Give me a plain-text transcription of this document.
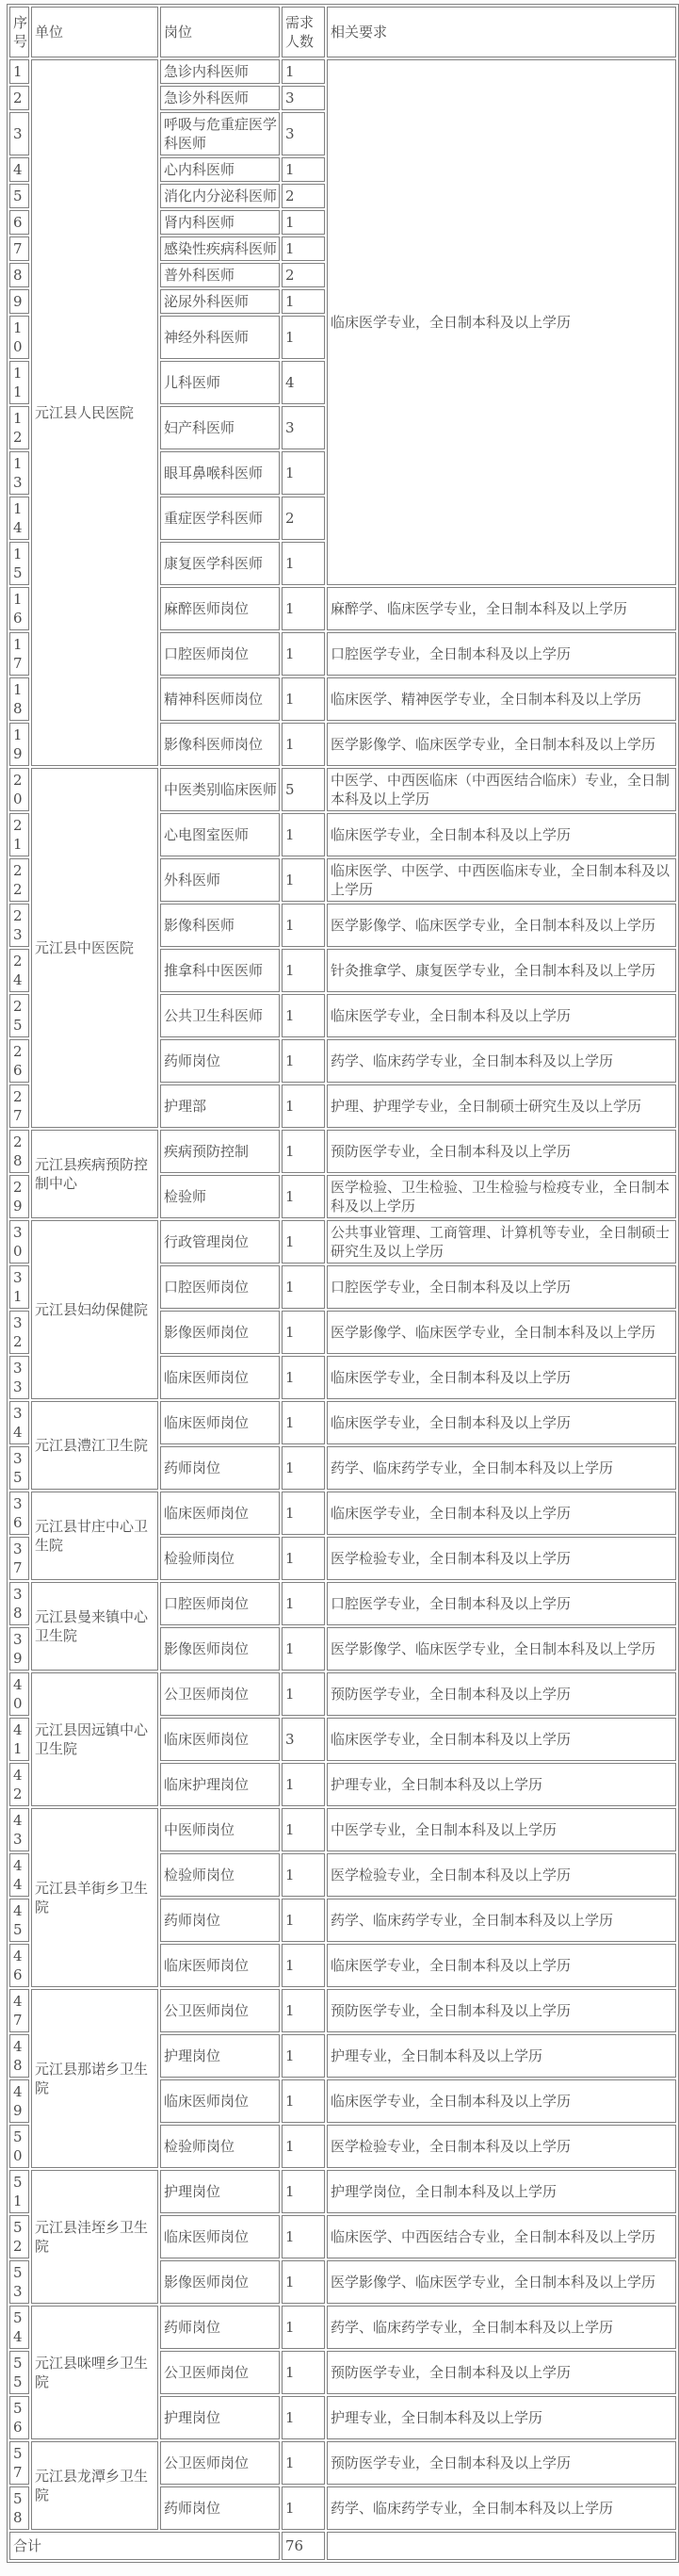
序号	单位	岗位	需求人数	相关要求
1	元江县人民医院	急诊内科医师	1	临床医学专业，全日制本科及以上学历
2		急诊外科医师	3	
3		呼吸与危重症医学科医师	3	
4		心内科医师	1	
5		消化内分泌科医师	2	
6		肾内科医师	1	
7		感染性疾病科医师	1	
8		普外科医师	2	
9		泌尿外科医师	1	
10		神经外科医师	1	
11		儿科医师	4	
12		妇产科医师	3	
13		眼耳鼻喉科医师	1	
14		重症医学科医师	2	
15		康复医学科医师	1	
16		麻醉医师岗位	1	麻醉学、临床医学专业，全日制本科及以上学历
17		口腔医师岗位	1	口腔医学专业，全日制本科及以上学历
18		精神科医师岗位	1	临床医学、精神医学专业，全日制本科及以上学历
19		影像科医师岗位	1	医学影像学、临床医学专业，全日制本科及以上学历
20	元江县中医医院	中医类别临床医师	5	中医学、中西医临床（中西医结合临床）专业，全日制本科及以上学历
21		心电图室医师	1	临床医学专业，全日制本科及以上学历
22		外科医师	1	临床医学、中医学、中西医临床专业，全日制本科及以上学历
23		影像科医师	1	医学影像学、临床医学专业，全日制本科及以上学历
24		推拿科中医医师	1	针灸推拿学、康复医学专业，全日制本科及以上学历
25		公共卫生科医师	1	临床医学专业，全日制本科及以上学历
26		药师岗位	1	药学、临床药学专业，全日制本科及以上学历
27		护理部	1	护理、护理学专业，全日制硕士研究生及以上学历
28	元江县疾病预防控制中心	疾病预防控制	1	预防医学专业，全日制本科及以上学历
29		检验师	1	医学检验、卫生检验、卫生检验与检疫专业，全日制本科及以上学历
30	元江县妇幼保健院	行政管理岗位	1	公共事业管理、工商管理、计算机等专业，全日制硕士研究生及以上学历
31		口腔医师岗位	1	口腔医学专业，全日制本科及以上学历
32		影像医师岗位	1	医学影像学、临床医学专业，全日制本科及以上学历
33		临床医师岗位	1	临床医学专业，全日制本科及以上学历
34	元江县澧江卫生院	临床医师岗位	1	临床医学专业，全日制本科及以上学历
35		药师岗位	1	药学、临床药学专业，全日制本科及以上学历
36	元江县甘庄中心卫生院	临床医师岗位	1	临床医学专业，全日制本科及以上学历
37		检验师岗位	1	医学检验专业，全日制本科及以上学历
38	元江县曼来镇中心卫生院	口腔医师岗位	1	口腔医学专业，全日制本科及以上学历
39		影像医师岗位	1	医学影像学、临床医学专业，全日制本科及以上学历
40	元江县因远镇中心卫生院	公卫医师岗位	1	预防医学专业，全日制本科及以上学历
41		临床医师岗位	3	临床医学专业，全日制本科及以上学历
42		临床护理岗位	1	护理专业，全日制本科及以上学历
43	元江县羊街乡卫生院	中医师岗位	1	中医学专业，全日制本科及以上学历
44		检验师岗位	1	医学检验专业，全日制本科及以上学历
45		药师岗位	1	药学、临床药学专业，全日制本科及以上学历
46		临床医师岗位	1	临床医学专业，全日制本科及以上学历
47	元江县那诺乡卫生院	公卫医师岗位	1	预防医学专业，全日制本科及以上学历
48		护理岗位	1	护理专业，全日制本科及以上学历
49		临床医师岗位	1	临床医学专业，全日制本科及以上学历
50		检验师岗位	1	医学检验专业，全日制本科及以上学历
51	元江县洼垤乡卫生院	护理岗位	1	护理学岗位，全日制本科及以上学历
52		临床医师岗位	1	临床医学、中西医结合专业，全日制本科及以上学历
53		影像医师岗位	1	医学影像学、临床医学专业，全日制本科及以上学历
54	元江县咪哩乡卫生院	药师岗位	1	药学、临床药学专业，全日制本科及以上学历
55		公卫医师岗位	1	预防医学专业，全日制本科及以上学历
56		护理岗位	1	护理专业，全日制本科及以上学历
57	元江县龙潭乡卫生院	公卫医师岗位	1	预防医学专业，全日制本科及以上学历
58		药师岗位	1	药学、临床药学专业，全日制本科及以上学历
合计			76	
